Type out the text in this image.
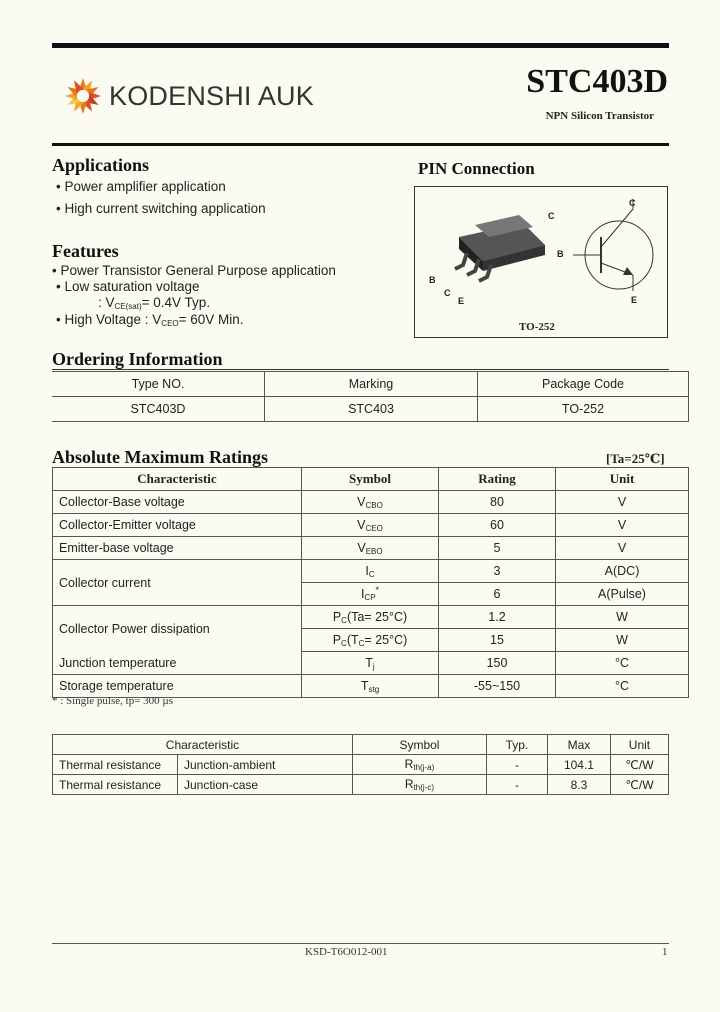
KODENSHI AUK	STC403D
NPN Silicon Transistor
Applications
• Power amplifier application
• High current switching application
Features
• Power Transistor General Purpose application
• Low saturation voltage
: $V_{CE(sat)}= 0.4V$ Typ.
• High Voltage : $V_{CEO}= 60V$ Min.
PIN Connection
C
B
C
E
C
B
E
TO-252
Ordering Information
Type NO.	Marking	Package Code
STC403D	STC403	TO-252
Absolute Maximum Ratings	[Ta=25℃]
Characteristic	Symbol	Rating	Unit
Collector-Base voltage	$V_{CBO}$	80	V
Collector-Emitter voltage	$V_{CEO}$	60	V
Emitter-base voltage	$V_{EBO}$	5	V
Collector current	$I_C$	3	A(DC)
	$I_{CP}^*$	6	A(Pulse)
Collector Power dissipation	$P_C(Ta= 25^\circ C)$	1.2	W
	$P_C(T_C= 25^\circ C)$	15	W
Junction temperature	$T_j$	150	°C
Storage temperature	$T_{stg}$	-55~150	°C
* : Single pulse, tp= 300 µs
Characteristic		Symbol	Typ.	Max	Unit
Thermal resistance	Junction-ambient	$R_{th(j-a)}$	-	104.1	℃/W
Thermal resistance	Junction-case	$R_{th(j-c)}$	-	8.3	℃/W
KSD-T6O012-001	1
